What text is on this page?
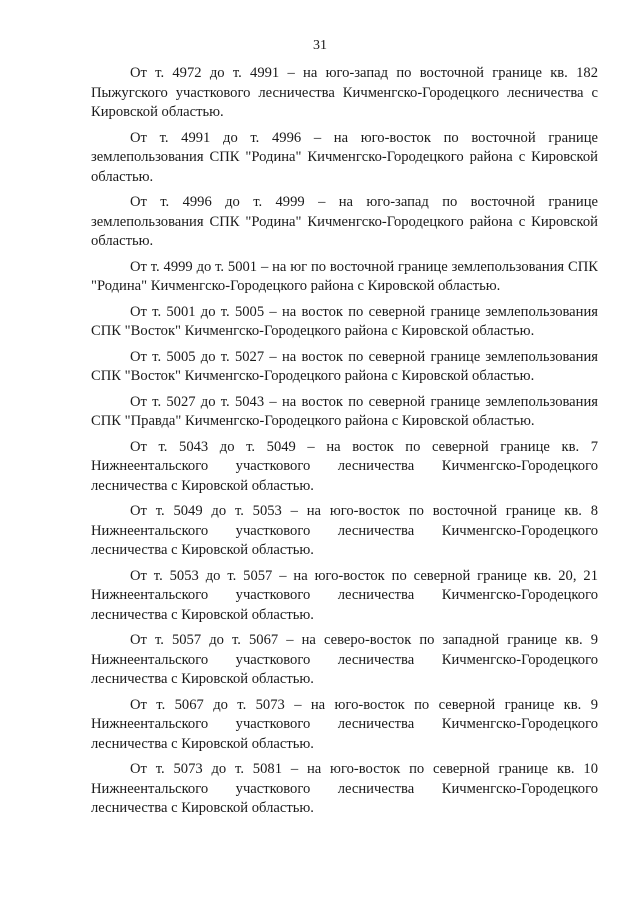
31

От т. 4972 до т. 4991 – на юго-запад по восточной границе кв. 182 Пыжугского участкового лесничества Кичменгско-Городецкого лесничества с Кировской областью.

От т. 4991 до т. 4996 – на юго-восток по восточной границе землепользования СПК "Родина" Кичменгско-Городецкого района с Кировской областью.

От т. 4996 до т. 4999 – на юго-запад по восточной границе землепользования СПК "Родина" Кичменгско-Городецкого района с Кировской областью.

От т. 4999 до т. 5001 – на юг по восточной границе землепользования СПК "Родина" Кичменгско-Городецкого района с Кировской областью.

От т. 5001 до т. 5005 – на восток по северной границе землепользования СПК "Восток" Кичменгско-Городецкого района с Кировской областью.

От т. 5005 до т. 5027 – на восток по северной границе землепользования СПК "Восток" Кичменгско-Городецкого района с Кировской областью.

От т. 5027 до т. 5043 – на восток по северной границе землепользования СПК "Правда" Кичменгско-Городецкого района с Кировской областью.

От т. 5043 до т. 5049 – на восток по северной границе кв. 7 Нижнеентальского участкового лесничества Кичменгско-Городецкого лесничества с Кировской областью.

От т. 5049 до т. 5053 – на юго-восток по восточной границе кв. 8 Нижнеентальского участкового лесничества Кичменгско-Городецкого лесничества с Кировской областью.

От т. 5053 до т. 5057 – на юго-восток по северной границе кв. 20, 21 Нижнеентальского участкового лесничества Кичменгско-Городецкого лесничества с Кировской областью.

От т. 5057 до т. 5067 – на северо-восток по западной границе кв. 9 Нижнеентальского участкового лесничества Кичменгско-Городецкого лесничества с Кировской областью.

От т. 5067 до т. 5073 – на юго-восток по северной границе кв. 9 Нижнеентальского участкового лесничества Кичменгско-Городецкого лесничества с Кировской областью.

От т. 5073 до т. 5081 – на юго-восток по северной границе кв. 10 Нижнеентальского участкового лесничества Кичменгско-Городецкого лесничества с Кировской областью.
